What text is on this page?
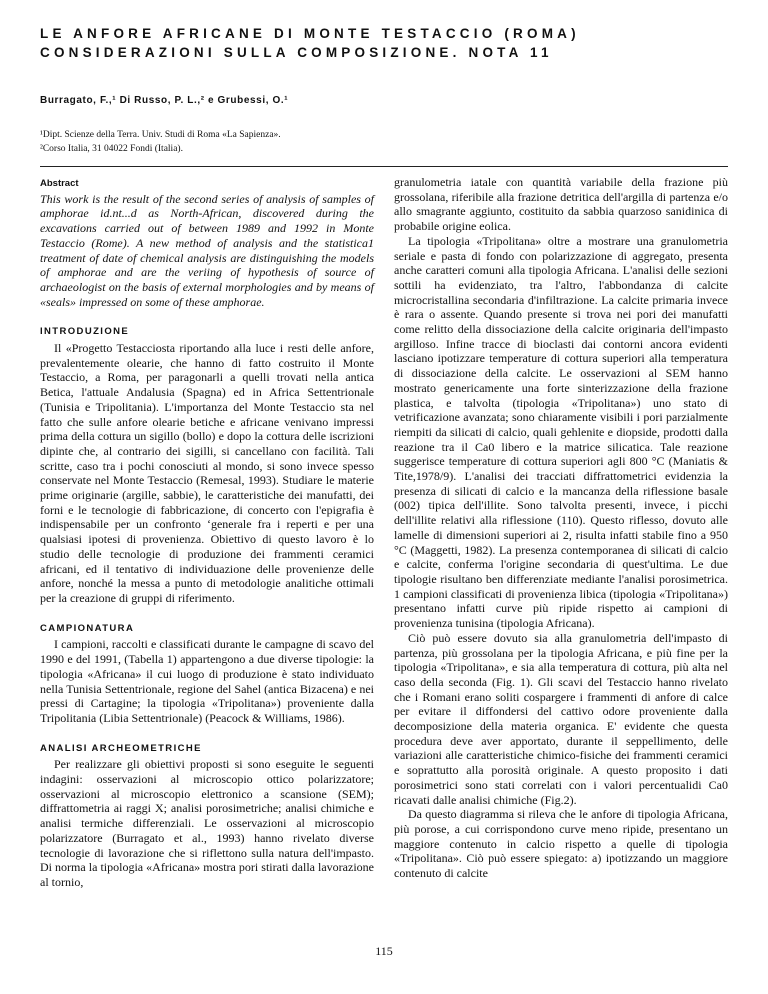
LE ANFORE AFRICANE DI MONTE TESTACCIO (ROMA)
CONSIDERAZIONI SULLA COMPOSIZIONE. NOTA 11
Burragato, F.,¹ Di Russo, P. L.,² e Grubessi, O.¹
¹Dipt. Scienze della Terra. Univ. Studi di Roma «La Sapienza».
²Corso Italia, 31 04022 Fondi (Italia).
Abstract

This work is the result of the second series of analysis of samples of amphorae id.nt...d as North-African, discovered during the excavations carried out of between 1989 and 1992 in Monte Testaccio (Rome). A new method of analysis and the statistica1 treatment of date of chemical analysis are distinguishing the models of amphorae and are the veriing of hypothesis of source of archaeologist on the basis of external morphologies and by means of «seals» impressed on some of these amphorae.

INTRODUZIONE

Il «Progetto Testacciosta riportando alla luce i resti delle anfore, prevalentemente olearie, che hanno di fatto costruito il Monte Testaccio, a Roma, per paragonarli a quelli trovati nella antica Betica, l'attuale Andalusia (Spagna) ed in Africa Settentrionale (Tunisia e Tripolitania). L'importanza del Monte Testaccio sta nel fatto che sulle anfore olearie betiche e africane venivano impressi prima della cottura un sigillo (bollo) e dopo la cottura delle iscrizioni dipinte che, al contrario dei sigilli, si cancellano con facilità. Tali scritte, caso tra i pochi conosciuti al mondo, si sono invece spesso conservate nel Monte Testaccio (Remesal, 1993). Studiare le materie prime originarie (argille, sabbie), le caratteristiche dei manufatti, dei forni e le tecnologie di fabbricazione, di concerto con l'epigrafia è indispensabile per un confronto ‘generale fra i reperti e per una qualsiasi ipotesi di provenienza. Obiettivo di questo lavoro è lo studio delle tecnologie di produzione dei frammenti ceramici africani, ed il tentativo di individuazione delle provenienze delle anfore, nonché la messa a punto di metodologie analitiche ottimali per la creazione di gruppi di riferimento.

CAMPIONATURA

I campioni, raccolti e classificati durante le campagne di scavo del 1990 e del 1991, (Tabella 1) appartengono a due diverse tipologie: la tipologia «Africana» il cui luogo di produzione è stato individuato nella Tunisia Settentrionale, regione del Sahel (antica Bizacena) e nei pressi di Cartagine; la tipologia «Tripolitana») proveniente dalla Tripolitania (Libia Settentrionale) (Peacock & Williams, 1986).

ANALISI ARCHEOMETRICHE

Per realizzare gli obiettivi proposti si sono eseguite le seguenti indagini: osservazioni al microscopio ottico polarizzatore; osservazioni al microscopio elettronico a scansione (SEM); diffrattometria ai raggi X; analisi porosimetriche; analisi chimiche e analisi termiche differenziali. Le osservazioni al microscopio polarizzatore (Burragato et al., 1993) hanno rivelato diverse tecnologie di lavorazione che si riflettono sulla natura dell'impasto. Di norma la tipologia «Africana» mostra pori stirati dalla lavorazione al tornio,

granulometria iatale con quantità variabile della frazione più grossolana, riferibile alla frazione detritica dell'argilla di partenza e/o allo smagrante aggiunto, costituito da sabbia quarzoso sanidinica di probabile origine eolica.

La tipologia «Tripolitana» oltre a mostrare una granulometria seriale e pasta di fondo con polarizzazione di aggregato, presenta anche caratteri comuni alla tipologia Africana. L'analisi delle sezioni sottili ha evidenziato, tra l'altro, l'abbondanza di calcite microcristallina secondaria d'infiltrazione. La calcite primaria invece è rara o assente. Quando presente si trova nei pori dei manufatti come relitto della dissociazione della calcite originaria dell'impasto argilloso. Infine tracce di bioclasti dai contorni ancora evidenti lasciano ipotizzare temperature di cottura superiori alla temperatura di dissociazione della calcite. Le osservazioni al SEM hanno mostrato genericamente una forte sinterizzazione della frazione plastica, e talvolta (tipologia «Tripolitana») uno stato di vetrificazione avanzata; sono chiaramente visibili i pori parzialmente riempiti da silicati di calcio, quali gehlenite e diopside, prodotti dalla reazione tra il Ca0 libero e la matrice silicatica. Tale reazione suggerisce temperature di cottura superiori agli 800 °C (Maniatis & Tite,1978/9). L'analisi dei tracciati diffrattometrici evidenzia la presenza di silicati di calcio e la mancanza della riflessione basale (002) tipica dell'illite. Sono talvolta presenti, invece, i picchi dell'illite relativi alla riflessione (110). Questo riflesso, dovuto alle lamelle di dimensioni superiori ai 2, risulta infatti stabile fino a 950 °C (Maggetti, 1982). La presenza contemporanea di silicati di calcio e calcite, conferma l'origine secondaria di quest'ultima. Le due tipologie risultano ben differenziate mediante l'analisi porosimetrica. 1 campioni classificati di provenienza libica (tipologia «Tripolitana») presentano infatti curve più ripide rispetto ai campioni di provenienza tunisina (tipologia Africana).

Ciò può essere dovuto sia alla granulometria dell'impasto di partenza, più grossolana per la tipologia Africana, e più fine per la tipologia «Tripolitana», e sia alla temperatura di cottura, più alta nel caso della seconda (Fig. 1). Gli scavi del Testaccio hanno rivelato che i Romani erano soliti cospargere i frammenti di anfore di calce per evitare il diffondersi del cattivo odore proveniente dalla decomposizione della materia organica. E' evidente che questa procedura deve aver apportato, durante il seppellimento, delle variazioni alle caratteristiche chimico-fisiche dei frammenti ceramici e soprattutto alla porosità originale. A questo proposito i dati porosimetrici sono stati correlati con i valori percentualidi Ca0 ricavati dalle analisi chimiche (Fig.2).

Da questo diagramma si rileva che le anfore di tipologia Africana, più porose, a cui corrispondono curve meno ripide, presentano un maggiore contenuto in calcio rispetto a quelle di tipologia «Tripolitana». Ciò può essere spiegato: a) ipotizzando un maggiore contenuto di calcite

115
